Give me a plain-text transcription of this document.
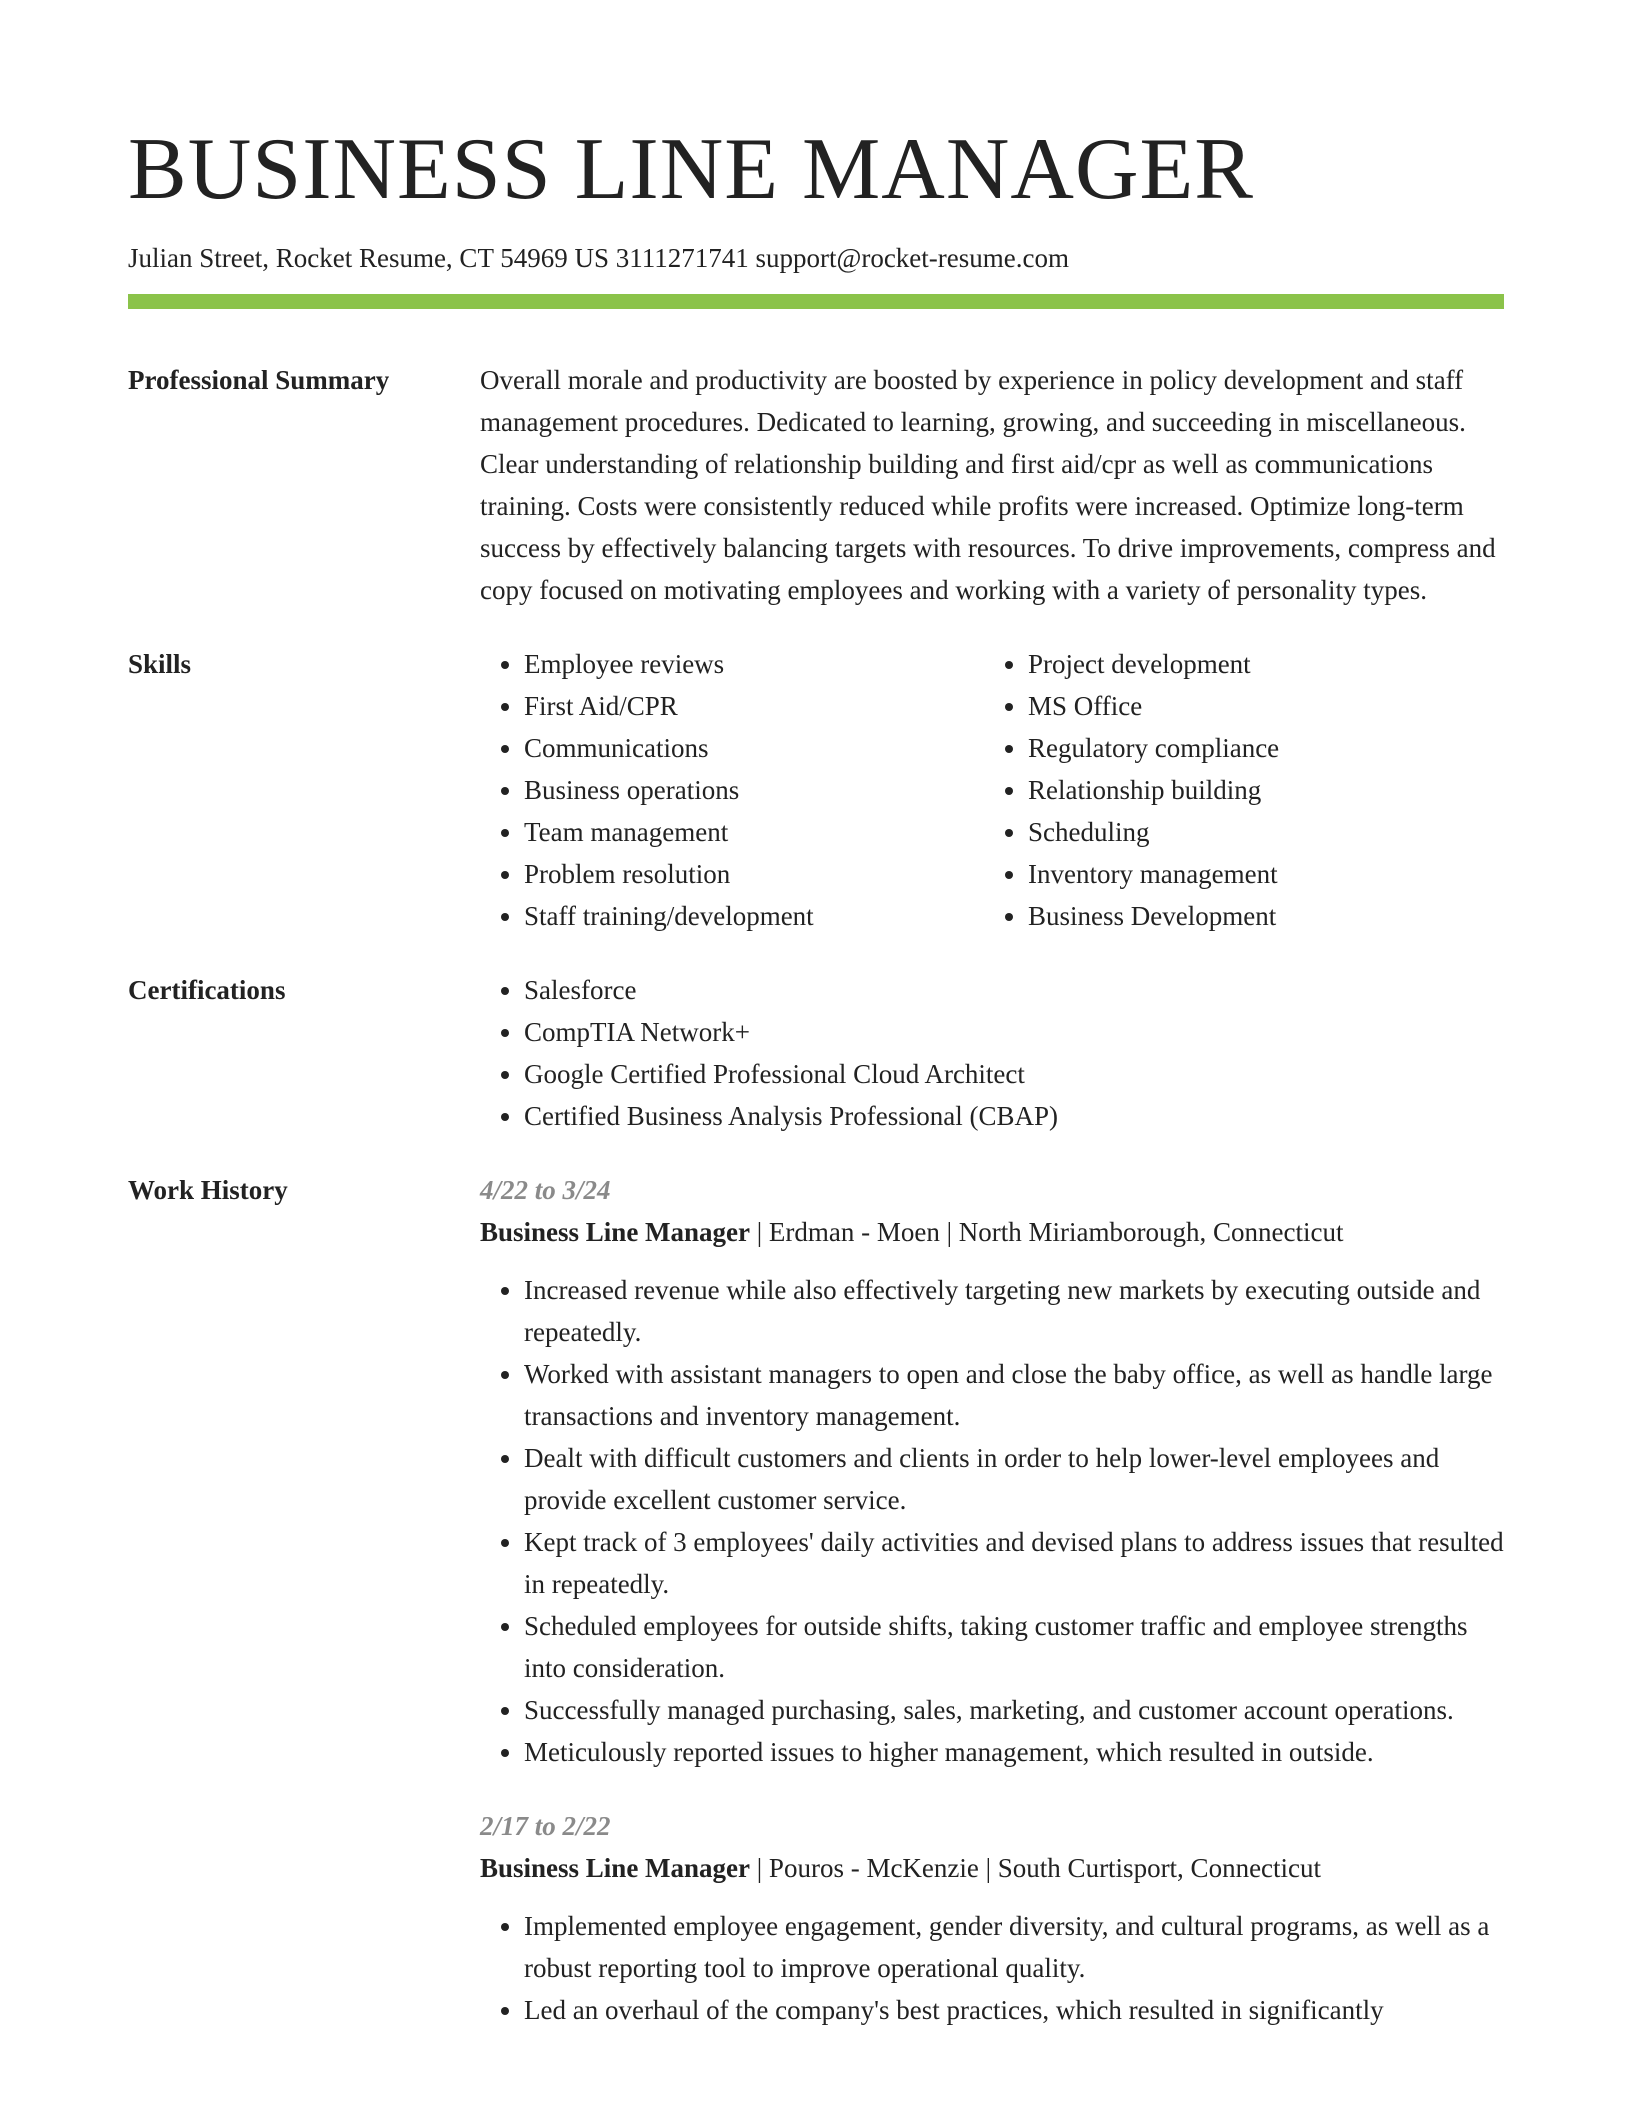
BUSINESS LINE MANAGER
Julian Street, Rocket Resume, CT 54969 US 3111271741 support@rocket-resume.com
Professional Summary	Overall morale and productivity are boosted by experience in policy development and staff management procedures. Dedicated to learning, growing, and succeeding in miscellaneous. Clear understanding of relationship building and first aid/cpr as well as communications training. Costs were consistently reduced while profits were increased. Optimize long-term success by effectively balancing targets with resources. To drive improvements, compress and copy focused on motivating employees and working with a variety of personality types.
Skills	• Employee reviews
• First Aid/CPR
• Communications
• Business operations
• Team management
• Problem resolution
• Staff training/development
• Project development
• MS Office
• Regulatory compliance
• Relationship building
• Scheduling
• Inventory management
• Business Development
Certifications	• Salesforce
• CompTIA Network+
• Google Certified Professional Cloud Architect
• Certified Business Analysis Professional (CBAP)
Work History	4/22 to 3/24
Business Line Manager | Erdman - Moen | North Miriamborough, Connecticut
• Increased revenue while also effectively targeting new markets by executing outside and repeatedly.
• Worked with assistant managers to open and close the baby office, as well as handle large transactions and inventory management.
• Dealt with difficult customers and clients in order to help lower-level employees and provide excellent customer service.
• Kept track of 3 employees' daily activities and devised plans to address issues that resulted in repeatedly.
• Scheduled employees for outside shifts, taking customer traffic and employee strengths into consideration.
• Successfully managed purchasing, sales, marketing, and customer account operations.
• Meticulously reported issues to higher management, which resulted in outside.
2/17 to 2/22
Business Line Manager | Pouros - McKenzie | South Curtisport, Connecticut
• Implemented employee engagement, gender diversity, and cultural programs, as well as a robust reporting tool to improve operational quality.
• Led an overhaul of the company's best practices, which resulted in significantly
